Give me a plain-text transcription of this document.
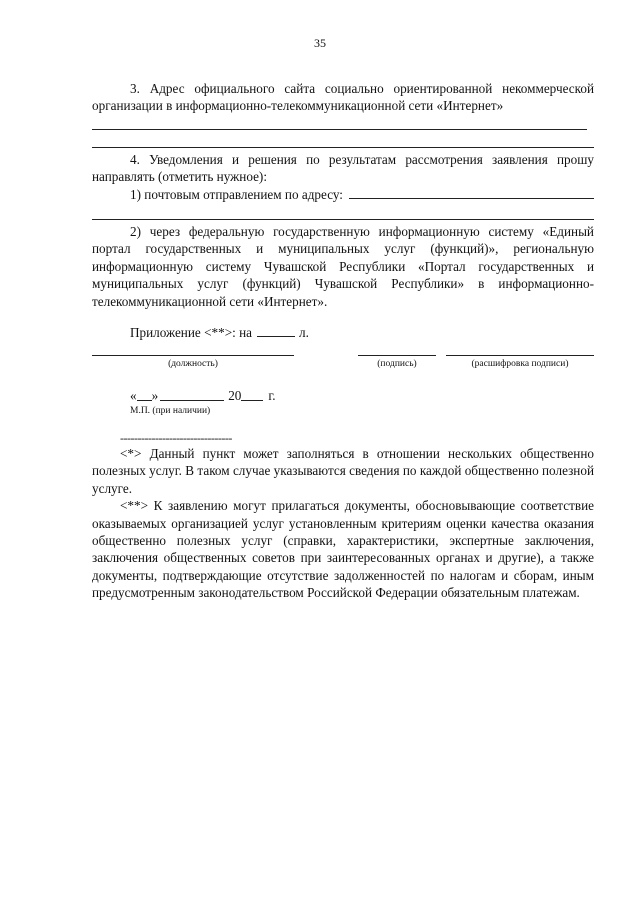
35

3. Адрес официального сайта социально ориентированной некоммерческой организации в информационно-телекоммуникационной сети «Интернет»

4. Уведомления и решения по результатам рассмотрения заявления прошу направлять (отметить нужное):

1) почтовым отправлением по адресу:

2) через федеральную государственную информационную систему «Единый портал государственных и муниципальных услуг (функций)», региональную информационную систему Чувашской Республики «Портал государственных и муниципальных услуг (функций) Чувашской Республики» в информационно-телекоммуникационной сети «Интернет».

Приложение <**>: на	л.
(должность)	(подпись)	(расшифровка подписи)
« »	20 г.
М.П. (при наличии)
--------------------------------

<*> Данный пункт может заполняться в отношении нескольких общественно полезных услуг. В таком случае указываются сведения по каждой общественно полезной услуге.

<**> К заявлению могут прилагаться документы, обосновывающие соответствие оказываемых организацией услуг установленным критериям оценки качества оказания общественно полезных услуг (справки, характеристики, экспертные заключения, заключения общественных советов при заинтересованных органах и другие), а также документы, подтверждающие отсутствие задолженностей по налогам и сборам, иным предусмотренным законодательством Российской Федерации обязательным платежам.
